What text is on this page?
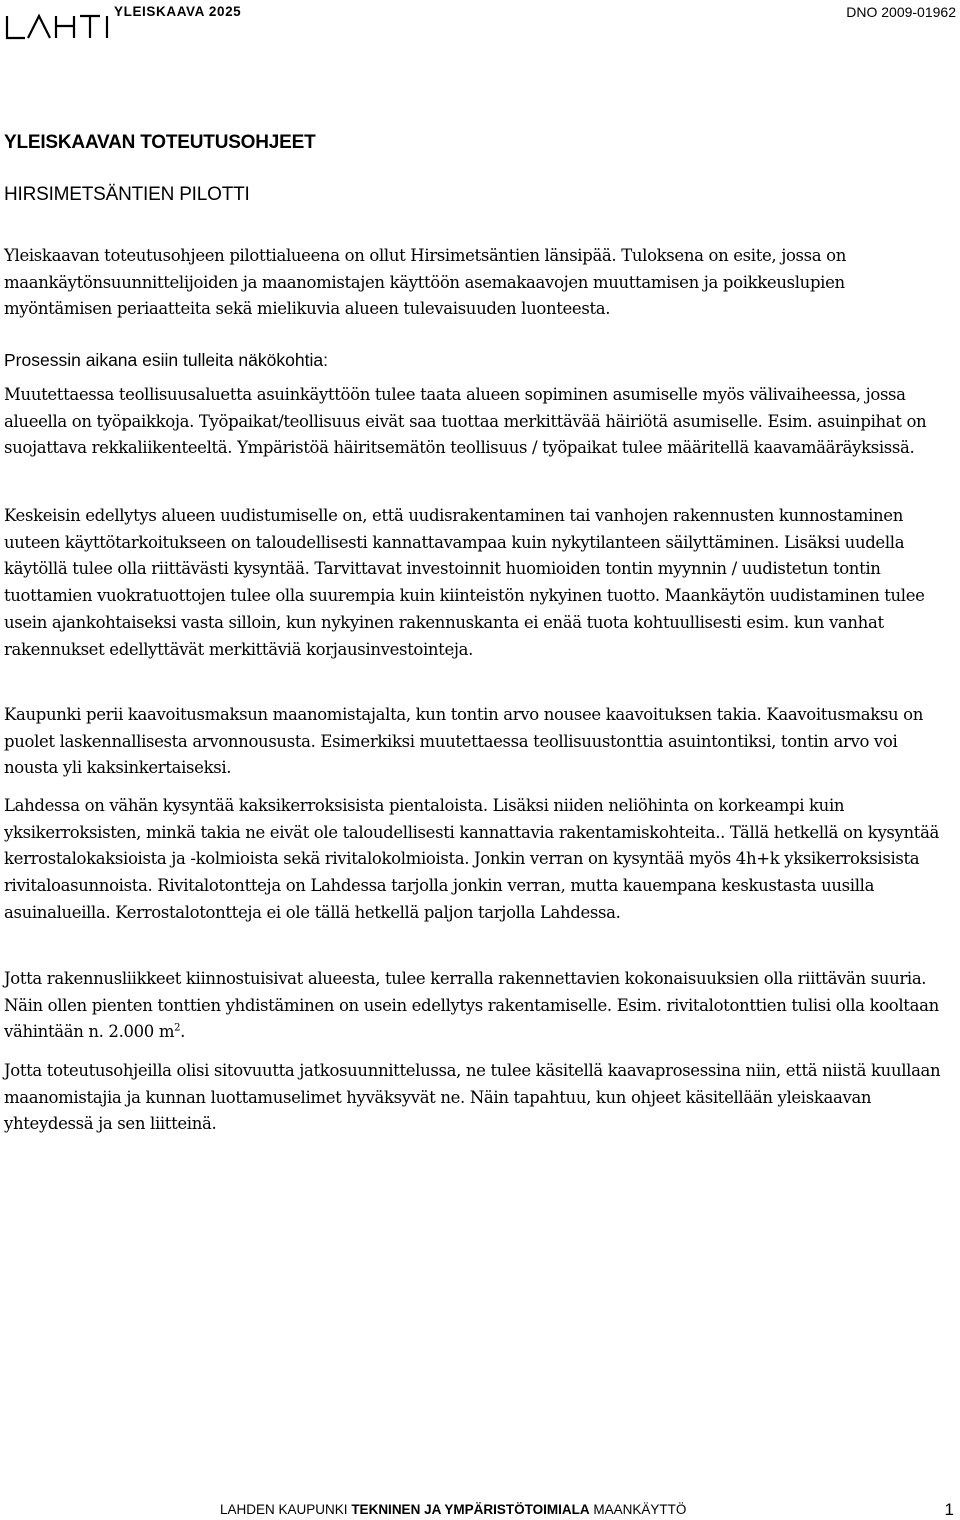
YLEISKAAVA 2025	DNO 2009-01962
YLEISKAAVAN TOTEUTUSOHJEET
HIRSIMETSÄNTIEN PILOTTI

Yleiskaavan toteutusohjeen pilottialueena on ollut Hirsimetsäntien länsipää. Tuloksena on esite, jossa on maankäytönsuunnittelijoiden ja maanomistajen käyttöön asemakaavojen muuttamisen ja poikkeuslupien myöntämisen periaatteita sekä mielikuvia alueen tulevaisuuden luonteesta.

Prosessin aikana esiin tulleita näkökohtia:

Muutettaessa teollisuusaluetta asuinkäyttöön tulee taata alueen sopiminen asumiselle myös välivaiheessa, jossa alueella on työpaikkoja. Työpaikat/teollisuus eivät saa tuottaa merkittävää häiriötä asumiselle. Esim. asuinpihat on suojattava rekkaliikenteeltä. Ympäristöä häiritsemätön teollisuus / työpaikat tulee määritellä kaavamääräyksissä.

Keskeisin edellytys alueen uudistumiselle on, että uudisrakentaminen tai vanhojen rakennusten kunnostaminen uuteen käyttötarkoitukseen on taloudellisesti kannattavampaa kuin nykytilanteen säilyttäminen. Lisäksi uudella käytöllä tulee olla riittävästi kysyntää. Tarvittavat investoinnit huomioiden tontin myynnin / uudistetun tontin tuottamien vuokratuottojen tulee olla suurempia kuin kiinteistön nykyinen tuotto. Maankäytön uudistaminen tulee usein ajankohtaiseksi vasta silloin, kun nykyinen rakennuskanta ei enää tuota kohtuullisesti esim. kun vanhat rakennukset edellyttävät merkittäviä korjausinvestointeja.

Kaupunki perii kaavoitusmaksun maanomistajalta, kun tontin arvo nousee kaavoituksen takia. Kaavoitusmaksu on puolet laskennallisesta arvonnoususta. Esimerkiksi muutettaessa teollisuustonttia asuintontiksi, tontin arvo voi nousta yli kaksinkertaiseksi.

Lahdessa on vähän kysyntää kaksikerroksisista pientaloista. Lisäksi niiden neliöhinta on korkeampi kuin yksikerroksisten, minkä takia ne eivät ole taloudellisesti kannattavia rakentamiskohteita.. Tällä hetkellä on kysyntää kerrostalokaksioista ja -kolmioista sekä rivitalokolmioista. Jonkin verran on kysyntää myös 4h+k yksikerroksisista rivitaloasunnoista. Rivitalotontteja on Lahdessa tarjolla jonkin verran, mutta kauempana keskustasta uusilla asuinalueilla. Kerrostalotontteja ei ole tällä hetkellä paljon tarjolla Lahdessa.

Jotta rakennusliikkeet kiinnostuisivat alueesta, tulee kerralla rakennettavien kokonaisuuksien olla riittävän suuria. Näin ollen pienten tonttien yhdistäminen on usein edellytys rakentamiselle. Esim. rivitalotonttien tulisi olla kooltaan vähintään n. 2.000 $m^2$.

Jotta toteutusohjeilla olisi sitovuutta jatkosuunnittelussa, ne tulee käsitellä kaavaprosessina niin, että niistä kuullaan maanomistajia ja kunnan luottamuselimet hyväksyvät ne. Näin tapahtuu, kun ohjeet käsitellään yleiskaavan yhteydessä ja sen liitteinä.

LAHDEN KAUPUNKI TEKNINEN JA YMPÄRISTÖTOIMIALA MAANKÄYTTÖ	1
